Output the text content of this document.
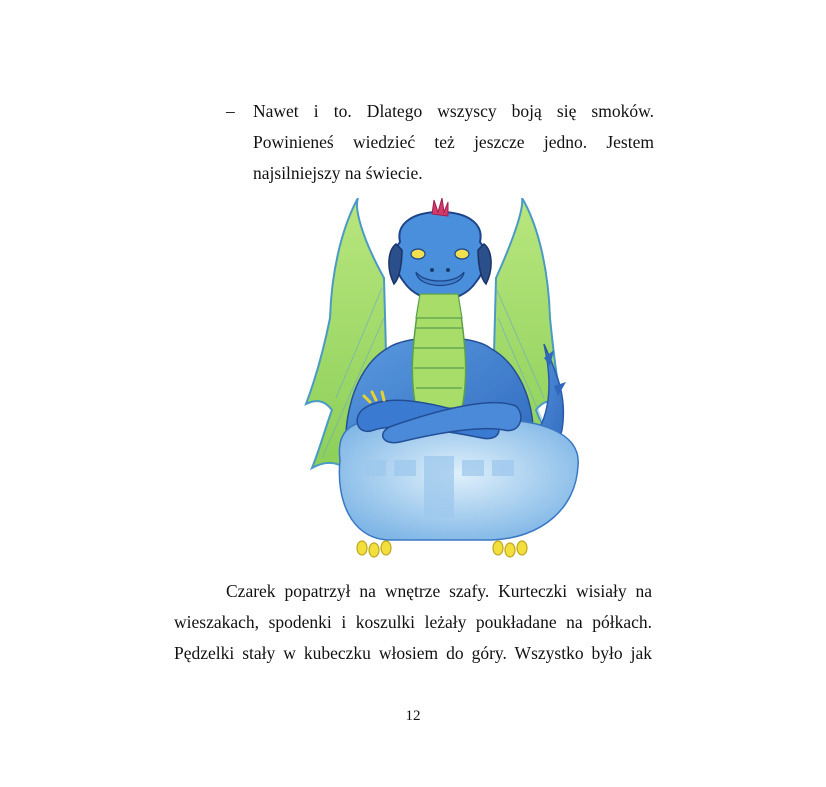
– Nawet i to. Dlatego wszyscy boją się smoków.
Powinieneś wiedzieć też jeszcze jedno. Jestem
najsilniejszy na świecie.
Czarek popatrzył na wnętrze szafy. Kurteczki wisiały na
wieszakach, spodenki i koszulki leżały poukładane na półkach.
Pędzelki stały w kubeczku włosiem do góry. Wszystko było jak
12
